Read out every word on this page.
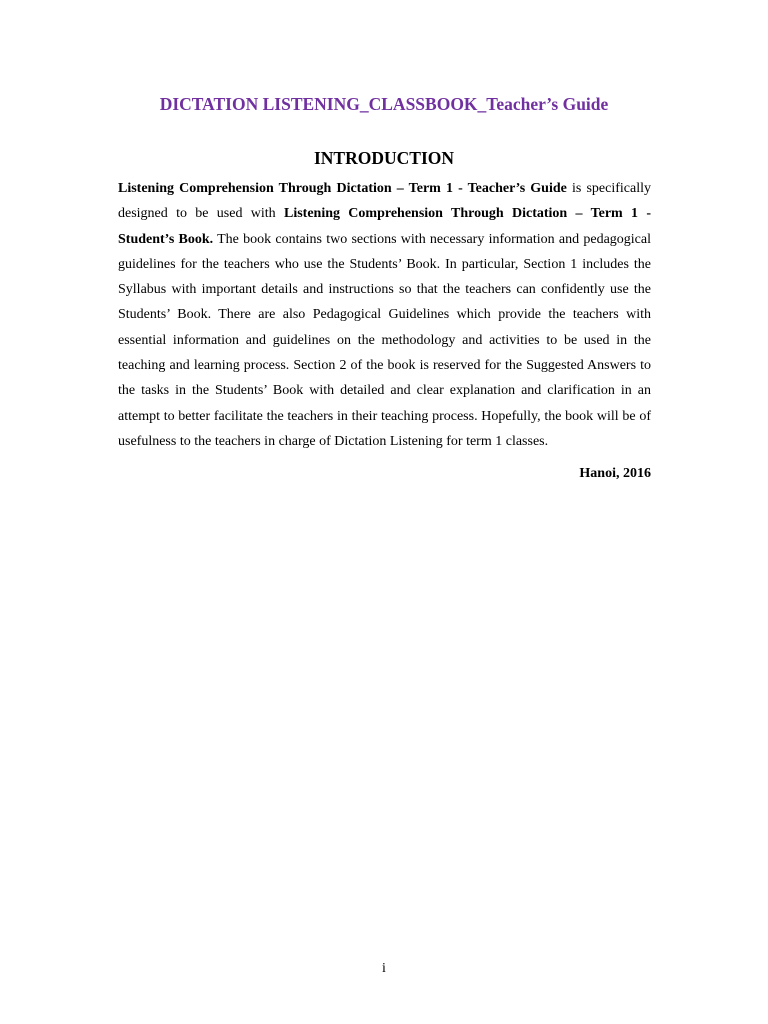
DICTATION LISTENING_CLASSBOOK_Teacher’s Guide
INTRODUCTION

Listening Comprehension Through Dictation – Term 1 - Teacher’s Guide is specifically designed to be used with Listening Comprehension Through Dictation – Term 1 - Student’s Book. The book contains two sections with necessary information and pedagogical guidelines for the teachers who use the Students’ Book. In particular, Section 1 includes the Syllabus with important details and instructions so that the teachers can confidently use the Students’ Book. There are also Pedagogical Guidelines which provide the teachers with essential information and guidelines on the methodology and activities to be used in the teaching and learning process. Section 2 of the book is reserved for the Suggested Answers to the tasks in the Students’ Book with detailed and clear explanation and clarification in an attempt to better facilitate the teachers in their teaching process. Hopefully, the book will be of usefulness to the teachers in charge of Dictation Listening for term 1 classes.

Hanoi, 2016
i
